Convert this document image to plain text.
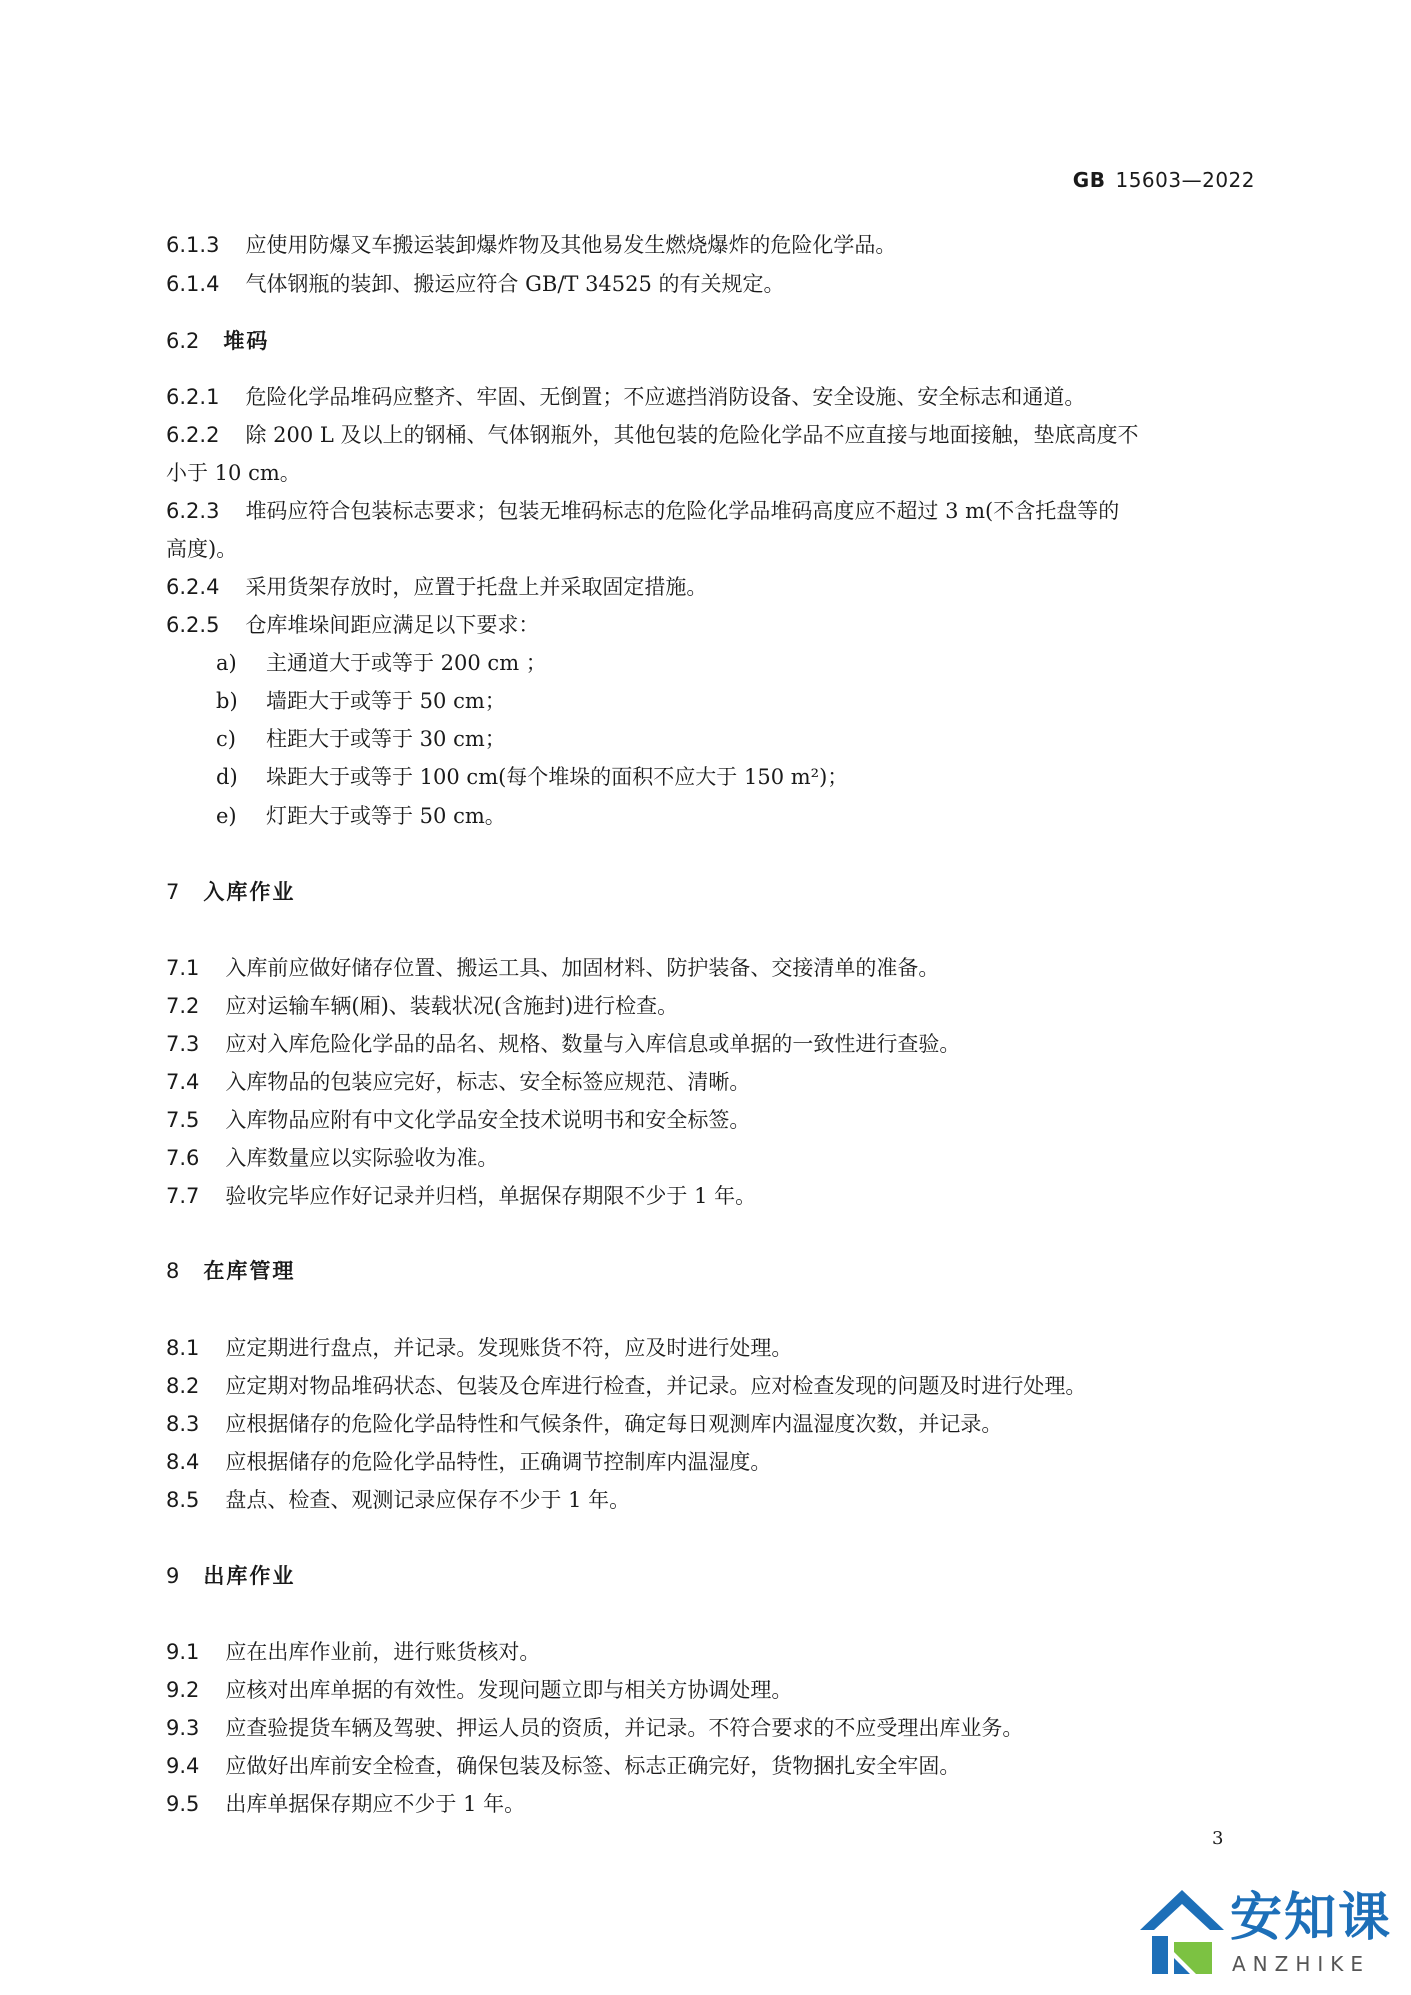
GB 15603—2022
6.1.3 应使用防爆叉车搬运装卸爆炸物及其他易发生燃烧爆炸的危险化学品。
6.1.4 气体钢瓶的装卸、搬运应符合 GB/T 34525 的有关规定。
6.2 堆码
6.2.1 危险化学品堆码应整齐、牢固、无倒置；不应遮挡消防设备、安全设施、安全标志和通道。
6.2.2 除 200 L 及以上的钢桶、气体钢瓶外，其他包装的危险化学品不应直接与地面接触，垫底高度不
小于 10 cm。
6.2.3 堆码应符合包装标志要求；包装无堆码标志的危险化学品堆码高度应不超过 3 m(不含托盘等的
高度)。
6.2.4 采用货架存放时，应置于托盘上并采取固定措施。
6.2.5 仓库堆垛间距应满足以下要求：
a) 主通道大于或等于 200 cm ；
b) 墙距大于或等于 50 cm；
c) 柱距大于或等于 30 cm；
d) 垛距大于或等于 100 cm(每个堆垛的面积不应大于 150 m²)；
e) 灯距大于或等于 50 cm。
7 入库作业
7.1 入库前应做好储存位置、搬运工具、加固材料、防护装备、交接清单的准备。
7.2 应对运输车辆(厢)、装载状况(含施封)进行检查。
7.3 应对入库危险化学品的品名、规格、数量与入库信息或单据的一致性进行查验。
7.4 入库物品的包装应完好，标志、安全标签应规范、清晰。
7.5 入库物品应附有中文化学品安全技术说明书和安全标签。
7.6 入库数量应以实际验收为准。
7.7 验收完毕应作好记录并归档，单据保存期限不少于 1 年。
8 在库管理
8.1 应定期进行盘点，并记录。发现账货不符，应及时进行处理。
8.2 应定期对物品堆码状态、包装及仓库进行检查，并记录。应对检查发现的问题及时进行处理。
8.3 应根据储存的危险化学品特性和气候条件，确定每日观测库内温湿度次数，并记录。
8.4 应根据储存的危险化学品特性，正确调节控制库内温湿度。
8.5 盘点、检查、观测记录应保存不少于 1 年。
9 出库作业
9.1 应在出库作业前，进行账货核对。
9.2 应核对出库单据的有效性。发现问题立即与相关方协调处理。
9.3 应查验提货车辆及驾驶、押运人员的资质，并记录。不符合要求的不应受理出库业务。
9.4 应做好出库前安全检查，确保包装及标签、标志正确完好，货物捆扎安全牢固。
9.5 出库单据保存期应不少于 1 年。
3
安知课
ANZHIKE
